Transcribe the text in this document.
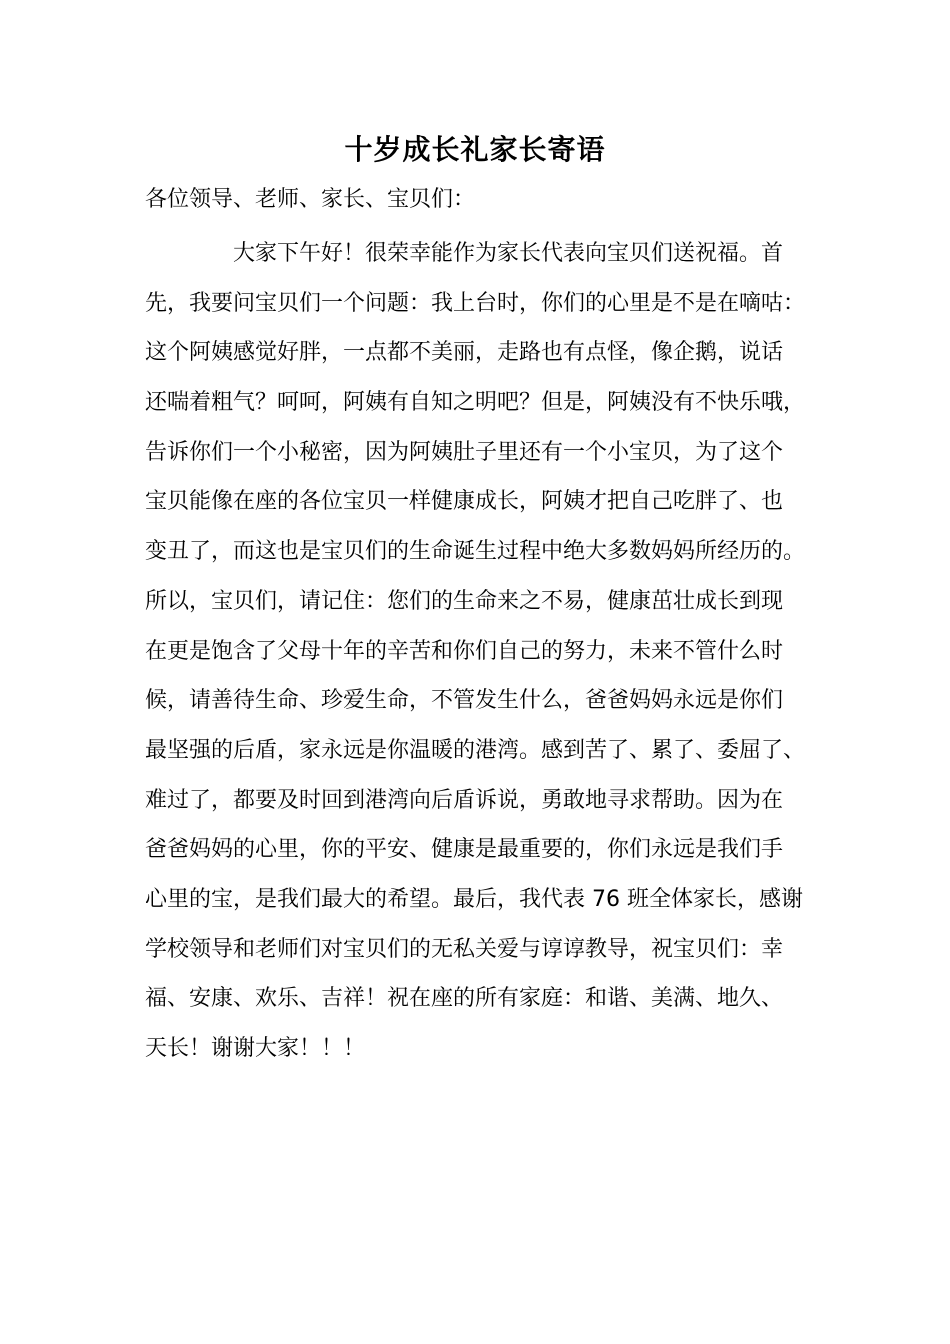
十岁成长礼家长寄语
各位领导、老师、家长、宝贝们：
大家下午好！很荣幸能作为家长代表向宝贝们送祝福。首
先，我要问宝贝们一个问题：我上台时，你们的心里是不是在嘀咕：
这个阿姨感觉好胖，一点都不美丽，走路也有点怪，像企鹅，说话
还喘着粗气？呵呵，阿姨有自知之明吧？但是，阿姨没有不快乐哦，
告诉你们一个小秘密，因为阿姨肚子里还有一个小宝贝，为了这个
宝贝能像在座的各位宝贝一样健康成长，阿姨才把自己吃胖了、也
变丑了，而这也是宝贝们的生命诞生过程中绝大多数妈妈所经历的。
所以，宝贝们，请记住：您们的生命来之不易，健康茁壮成长到现
在更是饱含了父母十年的辛苦和你们自己的努力，未来不管什么时
候，请善待生命、珍爱生命，不管发生什么，爸爸妈妈永远是你们
最坚强的后盾，家永远是你温暖的港湾。感到苦了、累了、委屈了、
难过了，都要及时回到港湾向后盾诉说，勇敢地寻求帮助。因为在
爸爸妈妈的心里，你的平安、健康是最重要的，你们永远是我们手
心里的宝，是我们最大的希望。最后，我代表 76 班全体家长，感谢
学校领导和老师们对宝贝们的无私关爱与谆谆教导，祝宝贝们：幸
福、安康、欢乐、吉祥！祝在座的所有家庭：和谐、美满、地久、
天长！谢谢大家！！！
